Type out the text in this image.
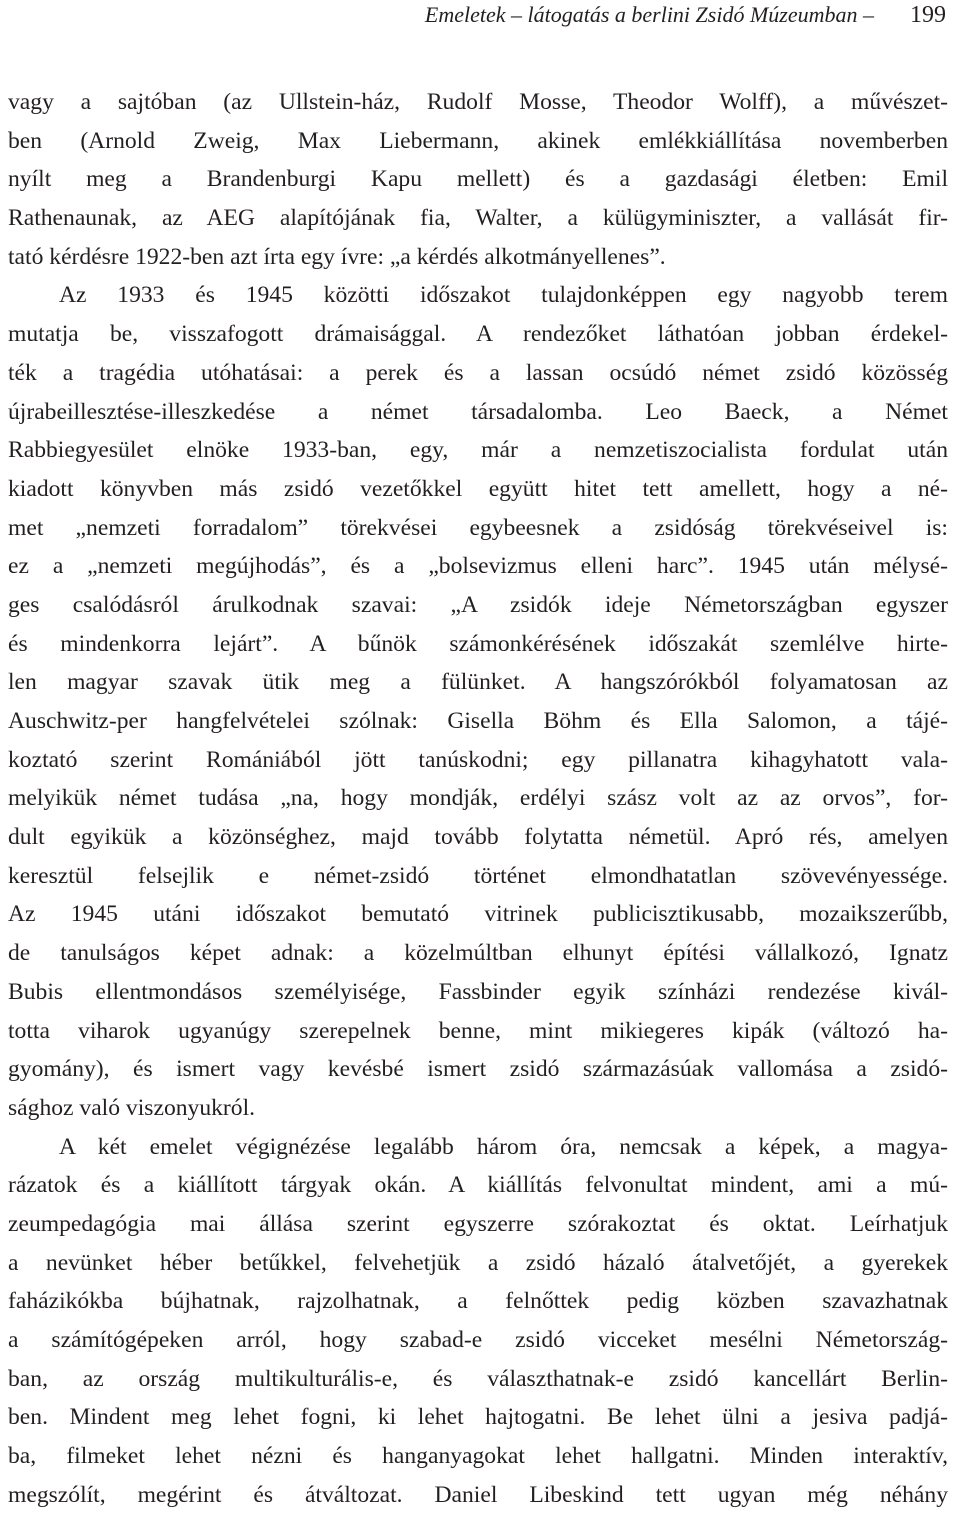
Emeletek – látogatás a berlini Zsidó Múzeumban – 199
vagy a sajtóban (az Ullstein-ház, Rudolf Mosse, Theodor Wolff), a művészet-
ben (Arnold Zweig, Max Liebermann, akinek emlékkiállítása novemberben
nyílt meg a Brandenburgi Kapu mellett) és a gazdasági életben: Emil
Rathenaunak, az AEG alapítójának fia, Walter, a külügyminiszter, a vallását fir-
tató kérdésre 1922-ben azt írta egy ívre: „a kérdés alkotmányellenes”.
Az 1933 és 1945 közötti időszakot tulajdonképpen egy nagyobb terem
mutatja be, visszafogott drámaisággal. A rendezőket láthatóan jobban érdekel-
ték a tragédia utóhatásai: a perek és a lassan ocsúdó német zsidó közösség
újrabeillesztése-illeszkedése a német társadalomba. Leo Baeck, a Német
Rabbiegyesület elnöke 1933-ban, egy, már a nemzetiszocialista fordulat után
kiadott könyvben más zsidó vezetőkkel együtt hitet tett amellett, hogy a né-
met „nemzeti forradalom” törekvései egybeesnek a zsidóság törekvéseivel is:
ez a „nemzeti megújhodás”, és a „bolsevizmus elleni harc”. 1945 után mélysé-
ges csalódásról árulkodnak szavai: „A zsidók ideje Németországban egyszer
és mindenkorra lejárt”. A bűnök számonkérésének időszakát szemlélve hirte-
len magyar szavak ütik meg a fülünket. A hangszórókból folyamatosan az
Auschwitz-per hangfelvételei szólnak: Gisella Böhm és Ella Salomon, a tájé-
koztató szerint Romániából jött tanúskodni; egy pillanatra kihagyhatott vala-
melyikük német tudása „na, hogy mondják, erdélyi szász volt az az orvos”, for-
dult egyikük a közönséghez, majd tovább folytatta németül. Apró rés, amelyen
keresztül felsejlik e német-zsidó történet elmondhatatlan szövevényessége.
Az 1945 utáni időszakot bemutató vitrinek publicisztikusabb, mozaikszerűbb,
de tanulságos képet adnak: a közelmúltban elhunyt építési vállalkozó, Ignatz
Bubis ellentmondásos személyisége, Fassbinder egyik színházi rendezése kivál-
totta viharok ugyanúgy szerepelnek benne, mint mikiegeres kipák (változó ha-
gyomány), és ismert vagy kevésbé ismert zsidó származásúak vallomása a zsidó-
sághoz való viszonyukról.
A két emelet végignézése legalább három óra, nemcsak a képek, a magya-
rázatok és a kiállított tárgyak okán. A kiállítás felvonultat mindent, ami a mú-
zeumpedagógia mai állása szerint egyszerre szórakoztat és oktat. Leírhatjuk
a nevünket héber betűkkel, felvehetjük a zsidó házaló átalvetőjét, a gyerekek
faházikókba bújhatnak, rajzolhatnak, a felnőttek pedig közben szavazhatnak
a számítógépeken arról, hogy szabad-e zsidó vicceket mesélni Németország-
ban, az ország multikulturális-e, és választhatnak-e zsidó kancellárt Berlin-
ben. Mindent meg lehet fogni, ki lehet hajtogatni. Be lehet ülni a jesiva padjá-
ba, filmeket lehet nézni és hanganyagokat lehet hallgatni. Minden interaktív,
megszólít, megérint és átváltozat. Daniel Libeskind tett ugyan még néhány
